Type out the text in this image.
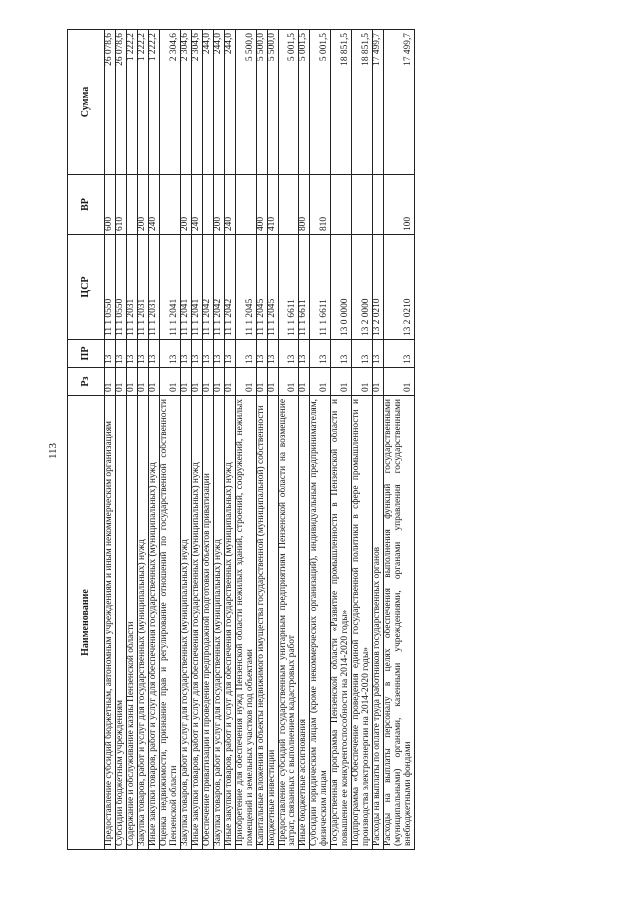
113
Наименование	Рз	ПР	ЦСР	ВР	Сумма
Предоставление субсидий бюджетным, автономным учреждениям и иным некоммерческим организациям	01	13	11 1 0550	600	26 078,6
Субсидии бюджетным учреждениям	01	13	11 1 0550	610	26 078,6
Содержание и обслуживание казны Пензенской области	01	13	11 1 2031		1 222,2
Закупка товаров, работ и услуг для государственных (муниципальных) нужд	01	13	11 1 2031	200	1 222,2
Иные закупки товаров, работ и услуг для обеспечения государственных (муниципальных) нужд	01	13	11 1 2031	240	1 222,2
Оценка недвижимости, признание прав и регулирование отношений по государственной собственности Пензенской области	01	13	11 1 2041		2 304,6
Закупка товаров, работ и услуг для государственных (муниципальных) нужд	01	13	11 1 2041	200	2 304,6
Иные закупки товаров, работ и услуг для обеспечения государственных (муниципальных) нужд	01	13	11 1 2041	240	2 304,6
Обеспечение приватизации и проведение предпродажной подготовки объектов приватизации	01	13	11 1 2042		244,0
Закупка товаров, работ и услуг для государственных (муниципальных) нужд	01	13	11 1 2042	200	244,0
Иные закупки товаров, работ и услуг для обеспечения государственных (муниципальных) нужд	01	13	11 1 2042	240	244,0
Приобретение для обеспечения нужд Пензенской области нежилых зданий, строений, сооружений, нежилых помещений и земельных участков под объектами	01	13	11 1 2045		5 500,0
Капитальные вложения в объекты недвижимого имущества государственной (муниципальной) собственности	01	13	11 1 2045	400	5 500,0
Бюджетные инвестиции	01	13	11 1 2045	410	5 500,0
Предоставление субсидий государственным унитарным предприятиям Пензенской области на возмещение затрат, связанных с выполнением кадастровых работ	01	13	11 1 6611		5 001,5
Иные бюджетные ассигнования	01	13	11 1 6611	800	5 001,5
Субсидии юридическим лицам (кроме некоммерческих организаций), индивидуальным предпринимателям, физическим лицам	01	13	11 1 6611	810	5 001,5
Государственная программа Пензенской области «Развитие промышленности в Пензенской области и повышение ее конкурентоспособности на 2014-2020 годы»	01	13	13 0 0000		18 851,5
Подпрограмма «Обеспечение проведения единой государственной политики в сфере промышленности и производства электроэнергии на 2014-2020 годы»	01	13	13 2 0000		18 851,5
Расходы на выплаты по оплате труда работников государственных органов	01	13	13 2 0210		17 499,7
Расходы на выплаты персоналу в целях обеспечения выполнения функций государственными (муниципальными) органами, казенными учреждениями, органами управления государственными внебюджетными фондами	01	13	13 2 0210	100	17 499,7
